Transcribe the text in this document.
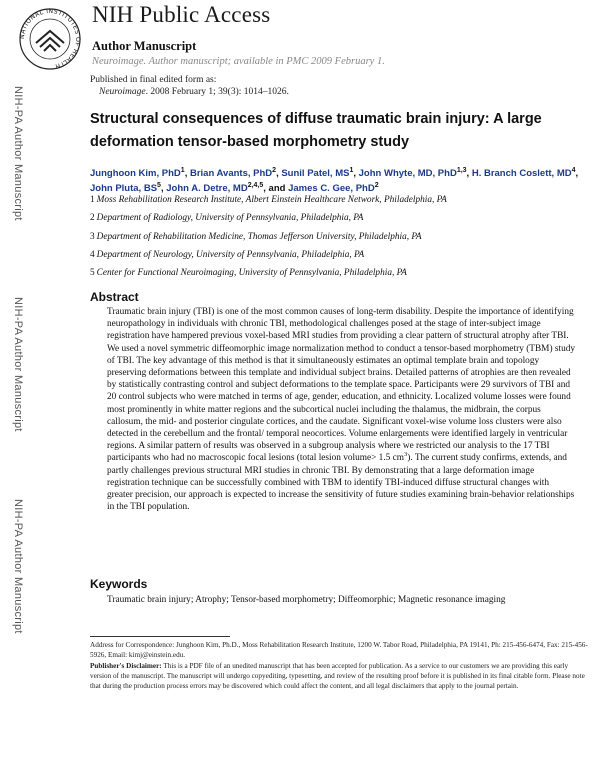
NATIONAL INSTITUTES OF HEALTH
NIH Public Access
Author Manuscript
Neuroimage. Author manuscript; available in PMC 2009 February 1.
Published in final edited form as:
Neuroimage. 2008 February 1; 39(3): 1014–1026.
NIH-PA Author Manuscript
NIH-PA Author Manuscript
NIH-PA Author Manuscript
Structural consequences of diffuse traumatic brain injury: A large deformation tensor-based morphometry study
Junghoon Kim, PhD$^1$, Brian Avants, PhD$^2$, Sunil Patel, $MS^1$, John Whyte, MD, PhD$^{1,3}$, H. Branch Coslett, $MD^4$, John Pluta, $BS^5$, John A. Detre, MD$^{2,4,5}$, and James C. Gee, PhD$^2$
1 Moss Rehabilitation Research Institute, Albert Einstein Healthcare Network, Philadelphia, PA
2 Department of Radiology, University of Pennsylvania, Philadelphia, PA
3 Department of Rehabilitation Medicine, Thomas Jefferson University, Philadelphia, PA
4 Department of Neurology, University of Pennsylvania, Philadelphia, PA
5 Center for Functional Neuroimaging, University of Pennsylvania, Philadelphia, PA
Abstract
Traumatic brain injury (TBI) is one of the most common causes of long-term disability. Despite the importance of identifying neuropathology in individuals with chronic TBI, methodological challenges posed at the stage of inter-subject image registration have hampered previous voxel-based MRI studies from providing a clear pattern of structural atrophy after TBI. We used a novel symmetric diffeomorphic image normalization method to conduct a tensor-based morphometry (TBM) study of TBI. The key advantage of this method is that it simultaneously estimates an optimal template brain and topology preserving deformations between this template and individual subject brains. Detailed patterns of atrophies are then revealed by statistically contrasting control and subject deformations to the template space. Participants were 29 survivors of TBI and 20 control subjects who were matched in terms of age, gender, education, and ethnicity. Localized volume losses were found most prominently in white matter regions and the subcortical nuclei including the thalamus, the midbrain, the corpus callosum, the mid- and posterior cingulate cortices, and the caudate. Significant voxel-wise volume loss clusters were also detected in the cerebellum and the frontal/ temporal neocortices. Volume enlargements were identified largely in ventricular regions. A similar pattern of results was observed in a subgroup analysis where we restricted our analysis to the 17 TBI participants who had no macroscopic focal lesions (total lesion volume> 1.5 $cm^3$). The current study confirms, extends, and partly challenges previous structural MRI studies in chronic TBI. By demonstrating that a large deformation image registration technique can be successfully combined with TBM to identify TBI-induced diffuse structural changes with greater precision, our approach is expected to increase the sensitivity of future studies examining brain-behavior relationships in the TBI population.
Keywords
Traumatic brain injury; Atrophy; Tensor-based morphometry; Diffeomorphic; Magnetic resonance imaging
Address for Correspondence: Junghoon Kim, Ph.D., Moss Rehabilitation Research Institute, 1200 W. Tabor Road, Philadelphia, PA 19141, Ph: 215-456-6474, Fax: 215-456-5926, Email: kimj@einstein.edu.
Publisher's Disclaimer: This is a PDF file of an unedited manuscript that has been accepted for publication. As a service to our customers we are providing this early version of the manuscript. The manuscript will undergo copyediting, typesetting, and review of the resulting proof before it is published in its final citable form. Please note that during the production process errors may be discovered which could affect the content, and all legal disclaimers that apply to the journal pertain.
